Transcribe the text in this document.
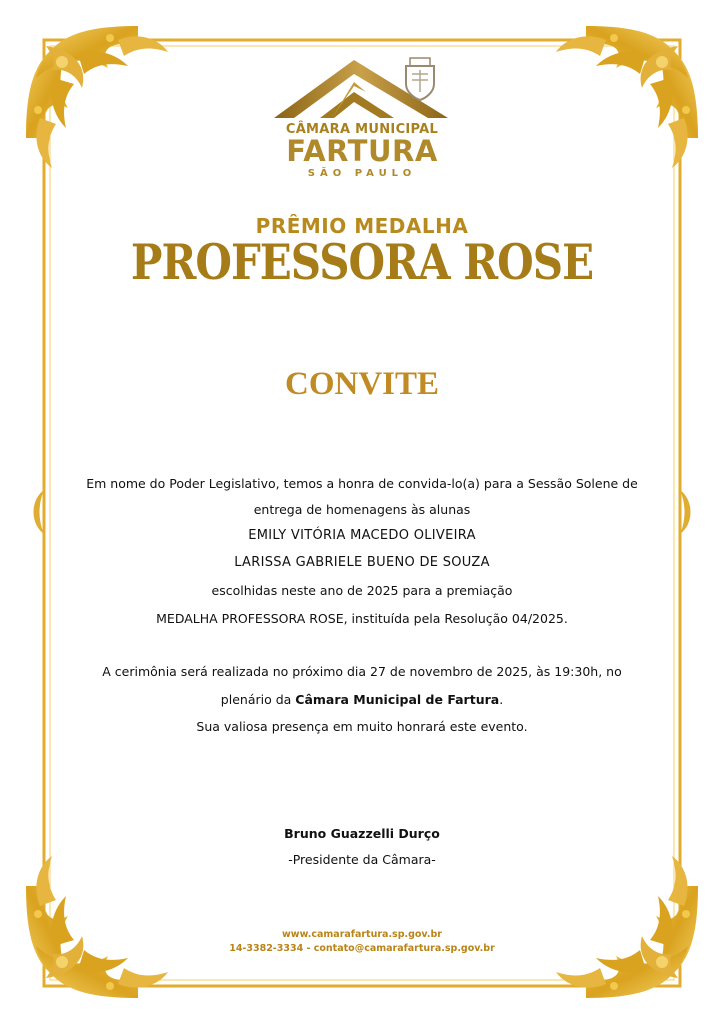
CÂMARA MUNICIPAL
FARTURA
SÃO PAULO
PRÊMIO MEDALHA
PROFESSORA ROSE
CONVITE
Em nome do Poder Legislativo, temos a honra de convida-lo(a) para a Sessão Solene de
entrega de homenagens às alunas
EMILY VITÓRIA MACEDO OLIVEIRA
LARISSA GABRIELE BUENO DE SOUZA
escolhidas neste ano de 2025 para a premiação
MEDALHA PROFESSORA ROSE, instituída pela Resolução 04/2025.
A cerimônia será realizada no próximo dia 27 de novembro de 2025, às 19:30h, no
plenário da Câmara Municipal de Fartura.
Sua valiosa presença em muito honrará este evento.
Bruno Guazzelli Durço
-Presidente da Câmara-
www.camarafartura.sp.gov.br
14-3382-3334 - contato@camarafartura.sp.gov.br
